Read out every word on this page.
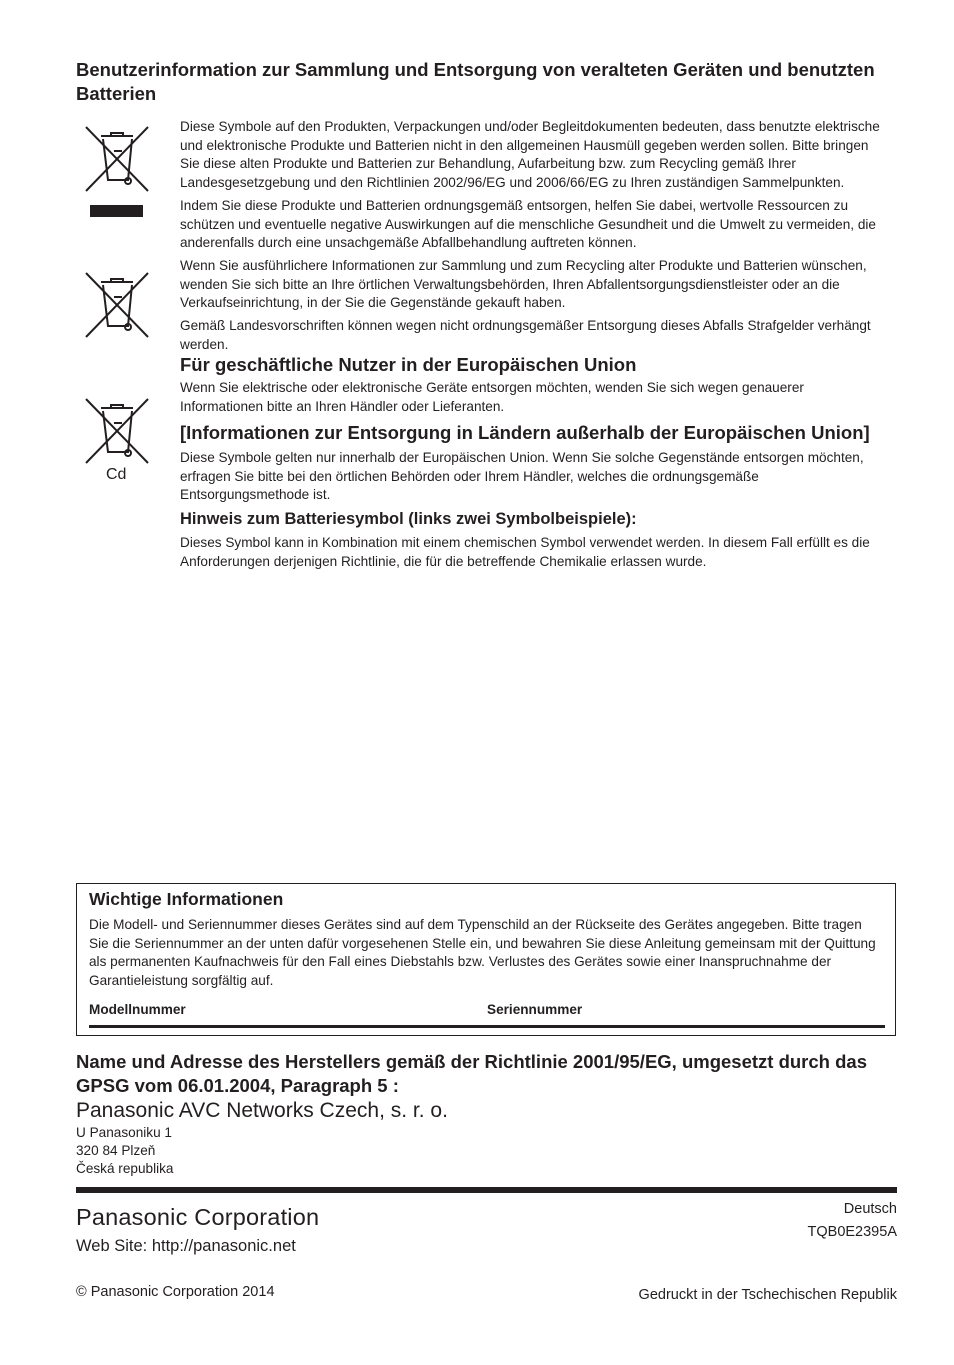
Benutzerinformation zur Sammlung und Entsorgung von veralteten Geräten und benutzten Batterien
Cd

Diese Symbole auf den Produkten, Verpackungen und/oder Begleitdokumenten bedeuten, dass benutzte elektrische und elektronische Produkte und Batterien nicht in den allgemeinen Hausmüll gegeben werden sollen. Bitte bringen Sie diese alten Produkte und Batterien zur Behandlung, Aufarbeitung bzw. zum Recycling gemäß Ihrer Landesgesetzgebung und den Richtlinien 2002/96/EG und 2006/66/EG zu Ihren zuständigen Sammelpunkten.

Indem Sie diese Produkte und Batterien ordnungsgemäß entsorgen, helfen Sie dabei, wertvolle Ressourcen zu schützen und eventuelle negative Auswirkungen auf die menschliche Gesundheit und die Umwelt zu vermeiden, die anderenfalls durch eine unsachgemäße Abfallbehandlung auftreten können.

Wenn Sie ausführlichere Informationen zur Sammlung und zum Recycling alter Produkte und Batterien wünschen, wenden Sie sich bitte an Ihre örtlichen Verwaltungsbehörden, Ihren Abfallentsorgungsdienstleister oder an die Verkaufseinrichtung, in der Sie die Gegenstände gekauft haben.

Gemäß Landesvorschriften können wegen nicht ordnungsgemäßer Entsorgung dieses Abfalls Strafgelder verhängt werden.

Für geschäftliche Nutzer in der Europäischen Union

Wenn Sie elektrische oder elektronische Geräte entsorgen möchten, wenden Sie sich wegen genauerer Informationen bitte an Ihren Händler oder Lieferanten.

[Informationen zur Entsorgung in Ländern außerhalb der Europäischen Union]

Diese Symbole gelten nur innerhalb der Europäischen Union. Wenn Sie solche Gegenstände entsorgen möchten, erfragen Sie bitte bei den örtlichen Behörden oder Ihrem Händler, welches die ordnungsgemäße Entsorgungsmethode ist.

Hinweis zum Batteriesymbol (links zwei Symbolbeispiele):

Dieses Symbol kann in Kombination mit einem chemischen Symbol verwendet werden. In diesem Fall erfüllt es die Anforderungen derjenigen Richtlinie, die für die betreffende Chemikalie erlassen wurde.

Wichtige Informationen

Die Modell- und Seriennummer dieses Gerätes sind auf dem Typenschild an der Rückseite des Gerätes angegeben. Bitte tragen Sie die Seriennummer an der unten dafür vorgesehenen Stelle ein, und bewahren Sie diese Anleitung gemeinsam mit der Quittung als permanenten Kaufnachweis für den Fall eines Diebstahls bzw. Verlustes des Gerätes sowie einer Inanspruchnahme der Garantieleistung sorgfältig auf.

Modellnummer	Seriennummer
Name und Adresse des Herstellers gemäß der Richtlinie 2001/95/EG, umgesetzt durch das GPSG vom 06.01.2004, Paragraph 5 :
Panasonic AVC Networks Czech, s. r. o.
U Panasoniku 1
320 84 Plzeň
Česká republika
Panasonic Corporation
Web Site: http://panasonic.net
© Panasonic Corporation 2014
Deutsch
TQB0E2395A
Gedruckt in der Tschechischen Republik
